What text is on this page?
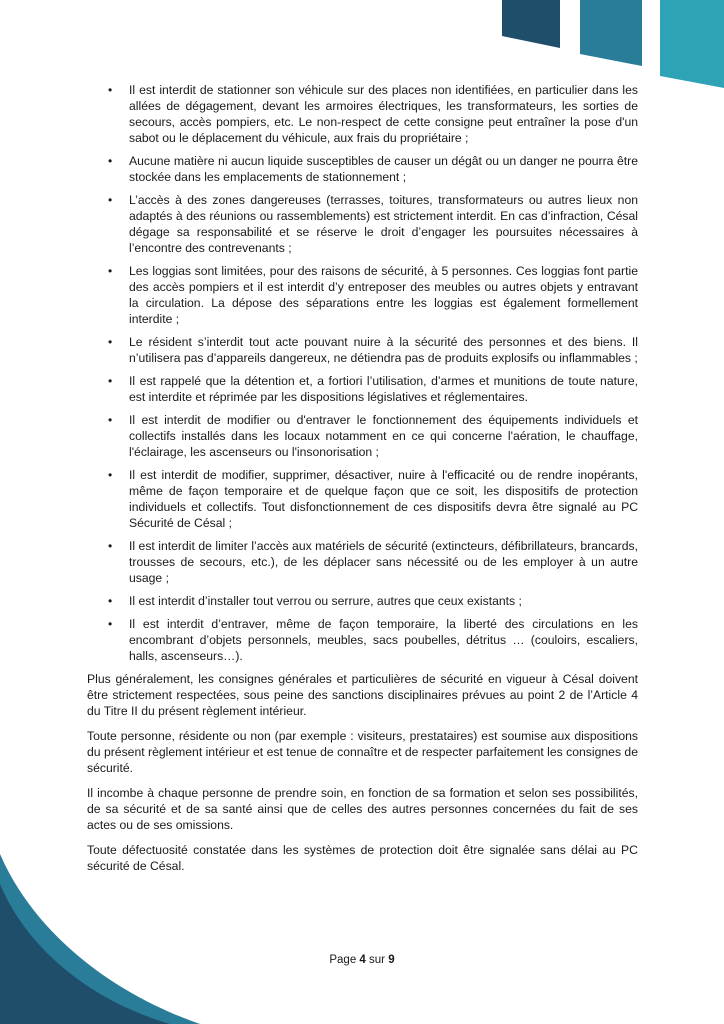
• Il est interdit de stationner son véhicule sur des places non identifiées, en particulier dans les allées de dégagement, devant les armoires électriques, les transformateurs, les sorties de secours, accès pompiers, etc. Le non-respect de cette consigne peut entraîner la pose d'un sabot ou le déplacement du véhicule, aux frais du propriétaire ;
• Aucune matière ni aucun liquide susceptibles de causer un dégât ou un danger ne pourra être stockée dans les emplacements de stationnement ;
• L’accès à des zones dangereuses (terrasses, toitures, transformateurs ou autres lieux non adaptés à des réunions ou rassemblements) est strictement interdit. En cas d’infraction, Césal dégage sa responsabilité et se réserve le droit d’engager les poursuites nécessaires à l’encontre des contrevenants ;
• Les loggias sont limitées, pour des raisons de sécurité, à 5 personnes. Ces loggias font partie des accès pompiers et il est interdit d’y entreposer des meubles ou autres objets y entravant la circulation. La dépose des séparations entre les loggias est également formellement interdite ;
• Le résident s’interdit tout acte pouvant nuire à la sécurité des personnes et des biens. Il n’utilisera pas d’appareils dangereux, ne détiendra pas de produits explosifs ou inflammables ;
• Il est rappelé que la détention et, a fortiori l’utilisation, d’armes et munitions de toute nature, est interdite et réprimée par les dispositions législatives et réglementaires.
• Il est interdit de modifier ou d'entraver le fonctionnement des équipements individuels et collectifs installés dans les locaux notamment en ce qui concerne l'aération, le chauffage, l'éclairage, les ascenseurs ou l'insonorisation ;
• Il est interdit de modifier, supprimer, désactiver, nuire à l'efficacité ou de rendre inopérants, même de façon temporaire et de quelque façon que ce soit, les dispositifs de protection individuels et collectifs. Tout disfonctionnement de ces dispositifs devra être signalé au PC Sécurité de Césal ;
• Il est interdit de limiter l’accès aux matériels de sécurité (extincteurs, défibrillateurs, brancards, trousses de secours, etc.), de les déplacer sans nécessité ou de les employer à un autre usage ;
• Il est interdit d’installer tout verrou ou serrure, autres que ceux existants ;
• Il est interdit d’entraver, même de façon temporaire, la liberté des circulations en les encombrant d’objets personnels, meubles, sacs poubelles, détritus … (couloirs, escaliers, halls, ascenseurs…).

Plus généralement, les consignes générales et particulières de sécurité en vigueur à Césal doivent être strictement respectées, sous peine des sanctions disciplinaires prévues au point 2 de l’Article 4 du Titre II du présent règlement intérieur.

Toute personne, résidente ou non (par exemple : visiteurs, prestataires) est soumise aux dispositions du présent règlement intérieur et est tenue de connaître et de respecter parfaitement les consignes de sécurité.

Il incombe à chaque personne de prendre soin, en fonction de sa formation et selon ses possibilités, de sa sécurité et de sa santé ainsi que de celles des autres personnes concernées du fait de ses actes ou de ses omissions.

Toute défectuosité constatée dans les systèmes de protection doit être signalée sans délai au PC sécurité de Césal.

Page 4 sur 9
